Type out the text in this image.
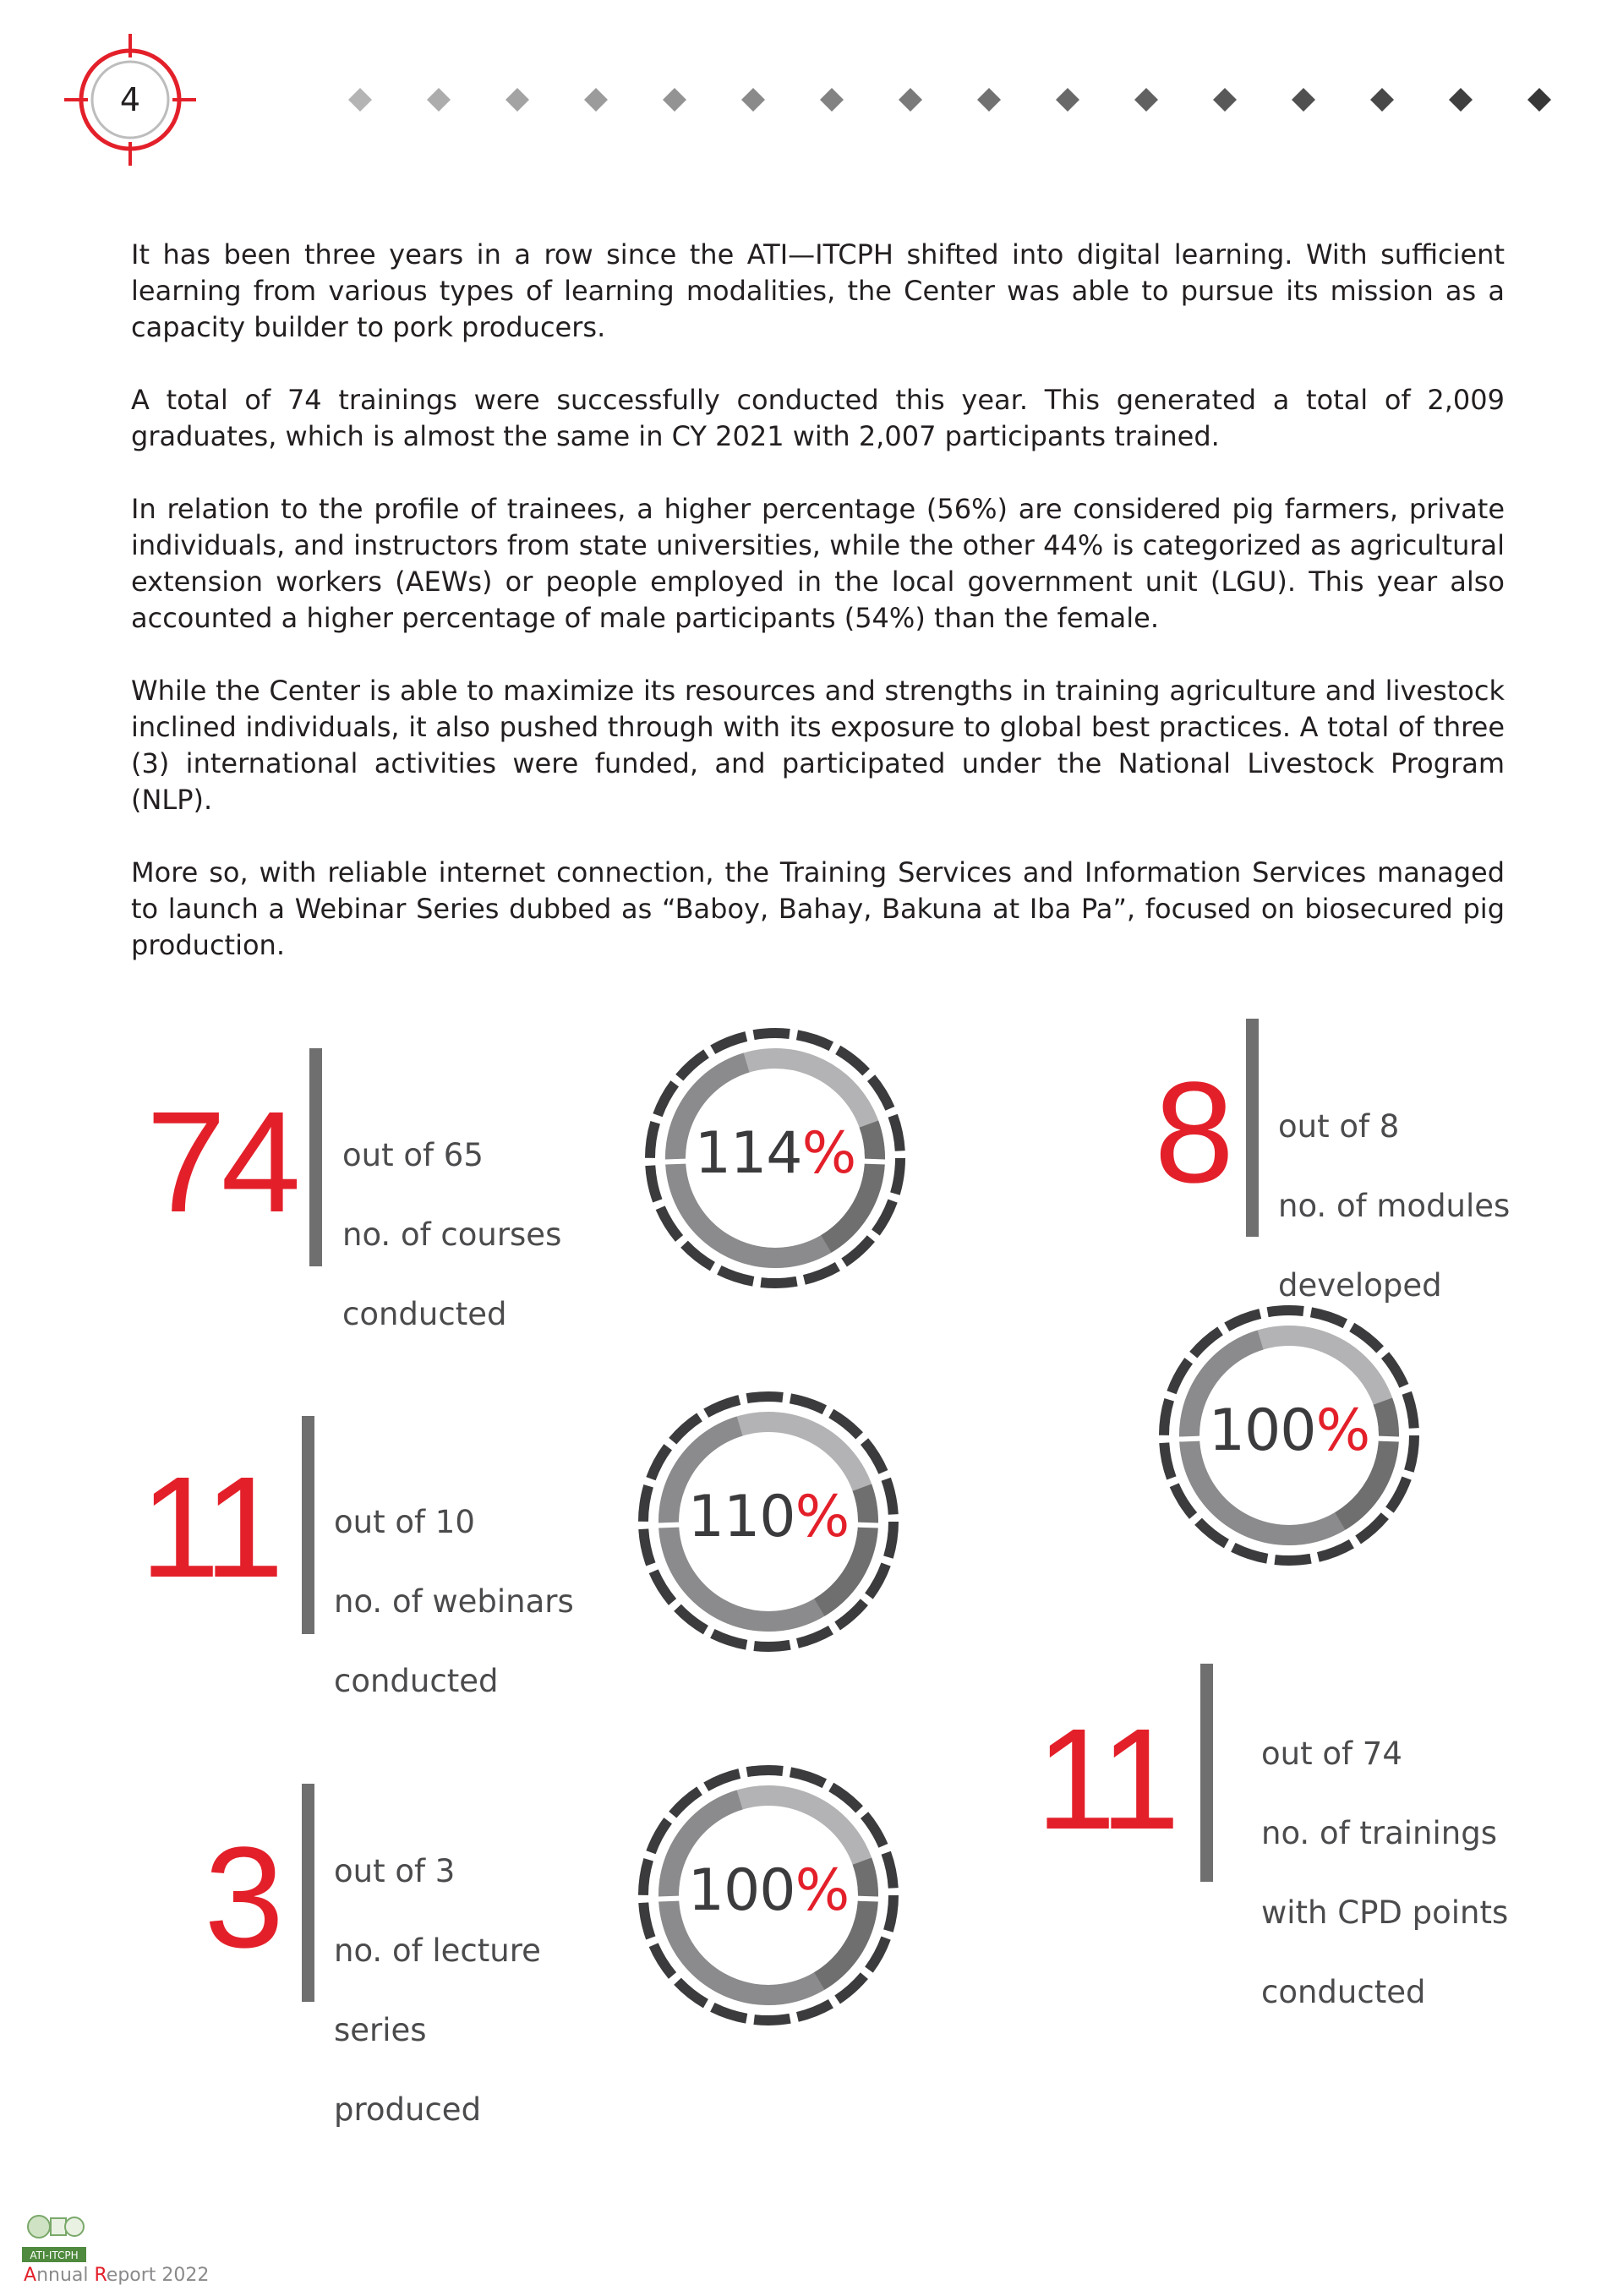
4

It has been three years in a row since the ATI—ITCPH shifted into digital learning. With sufficient learning from various types of learning modalities, the Center was able to pursue its mission as a capacity builder to pork producers.

A total of 74 trainings were successfully conducted this year. This generated a total of 2,009 graduates, which is almost the same in CY 2021 with 2,007 participants trained.

In relation to the profile of trainees, a higher percentage (56%) are considered pig farmers, private individuals, and instructors from state universities, while the other 44% is categorized as agricultural extension workers (AEWs) or people employed in the local government unit (LGU). This year also accounted a higher percentage of male participants (54%) than the female.

While the Center is able to maximize its resources and strengths in training agriculture and livestock inclined individuals, it also pushed through with its exposure to global best practices. A total of three (3) international activities were funded, and participated under the National Livestock Program (NLP).

More so, with reliable internet connection, the Training Services and Information Services managed to launch a Webinar Series dubbed as “Baboy, Bahay, Bakuna at Iba Pa”, focused on biosecured pig production.

74 out of 65

no. of courses

conducted

8 out of 8

no. of modules

developed

11 out of 10

no. of webinars

conducted

3 out of 3

no. of lecture

series

produced

11	out of 74

no. of trainings

with CPD points

conducted

114%
100%
110%
100%
ATI-ITCPH
Annual Report 2022
